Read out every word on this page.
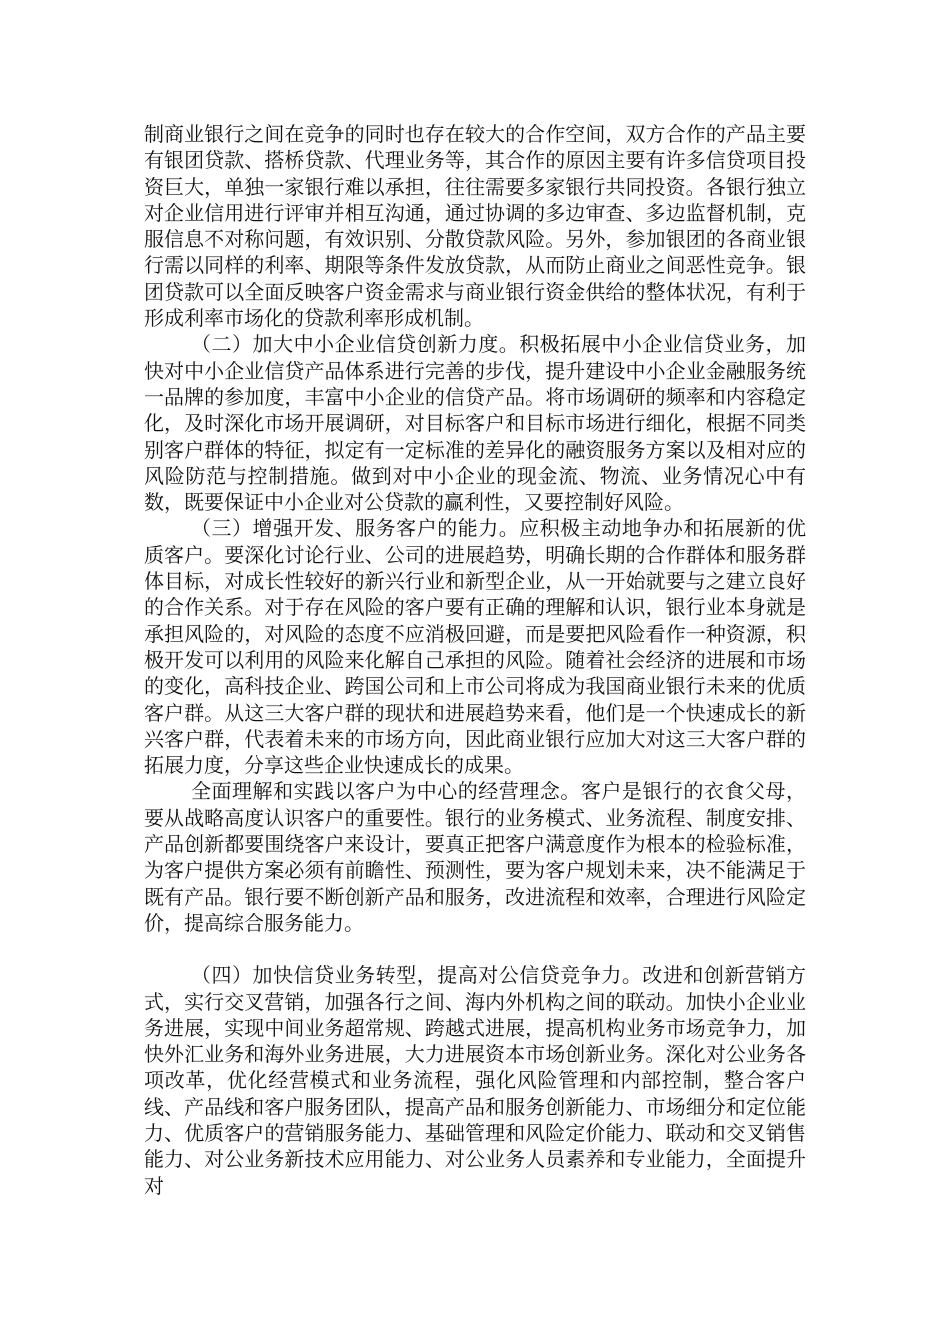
制商业银行之间在竞争的同时也存在较大的合作空间，双方合作的产品主要有银团贷款、搭桥贷款、代理业务等，其合作的原因主要有许多信贷项目投资巨大，单独一家银行难以承担，往往需要多家银行共同投资。各银行独立对企业信用进行评审并相互沟通，通过协调的多边审查、多边监督机制，克服信息不对称问题，有效识别、分散贷款风险。另外，参加银团的各商业银行需以同样的利率、期限等条件发放贷款，从而防止商业之间恶性竞争。银团贷款可以全面反映客户资金需求与商业银行资金供给的整体状况，有利于形成利率市场化的贷款利率形成机制。

（二）加大中小企业信贷创新力度。积极拓展中小企业信贷业务，加快对中小企业信贷产品体系进行完善的步伐，提升建设中小企业金融服务统一品牌的参加度，丰富中小企业的信贷产品。将市场调研的频率和内容稳定化，及时深化市场开展调研，对目标客户和目标市场进行细化，根据不同类别客户群体的特征，拟定有一定标准的差异化的融资服务方案以及相对应的风险防范与控制措施。做到对中小企业的现金流、物流、业务情况心中有数，既要保证中小企业对公贷款的赢利性，又要控制好风险。

（三）增强开发、服务客户的能力。应积极主动地争办和拓展新的优质客户。要深化讨论行业、公司的进展趋势，明确长期的合作群体和服务群体目标，对成长性较好的新兴行业和新型企业，从一开始就要与之建立良好的合作关系。对于存在风险的客户要有正确的理解和认识，银行业本身就是承担风险的，对风险的态度不应消极回避，而是要把风险看作一种资源，积极开发可以利用的风险来化解自己承担的风险。随着社会经济的进展和市场的变化，高科技企业、跨国公司和上市公司将成为我国商业银行未来的优质客户群。从这三大客户群的现状和进展趋势来看，他们是一个快速成长的新兴客户群，代表着未来的市场方向，因此商业银行应加大对这三大客户群的拓展力度，分享这些企业快速成长的成果。

全面理解和实践以客户为中心的经营理念。客户是银行的衣食父母，要从战略高度认识客户的重要性。银行的业务模式、业务流程、制度安排、产品创新都要围绕客户来设计，要真正把客户满意度作为根本的检验标准，为客户提供方案必须有前瞻性、预测性，要为客户规划未来，决不能满足于既有产品。银行要不断创新产品和服务，改进流程和效率，合理进行风险定价，提高综合服务能力。

（四）加快信贷业务转型，提高对公信贷竞争力。改进和创新营销方式，实行交叉营销，加强各行之间、海内外机构之间的联动。加快小企业业务进展，实现中间业务超常规、跨越式进展，提高机构业务市场竞争力，加快外汇业务和海外业务进展，大力进展资本市场创新业务。深化对公业务各项改革，优化经营模式和业务流程，强化风险管理和内部控制，整合客户线、产品线和客户服务团队，提高产品和服务创新能力、市场细分和定位能力、优质客户的营销服务能力、基础管理和风险定价能力、联动和交叉销售能力、对公业务新技术应用能力、对公业务人员素养和专业能力，全面提升对
